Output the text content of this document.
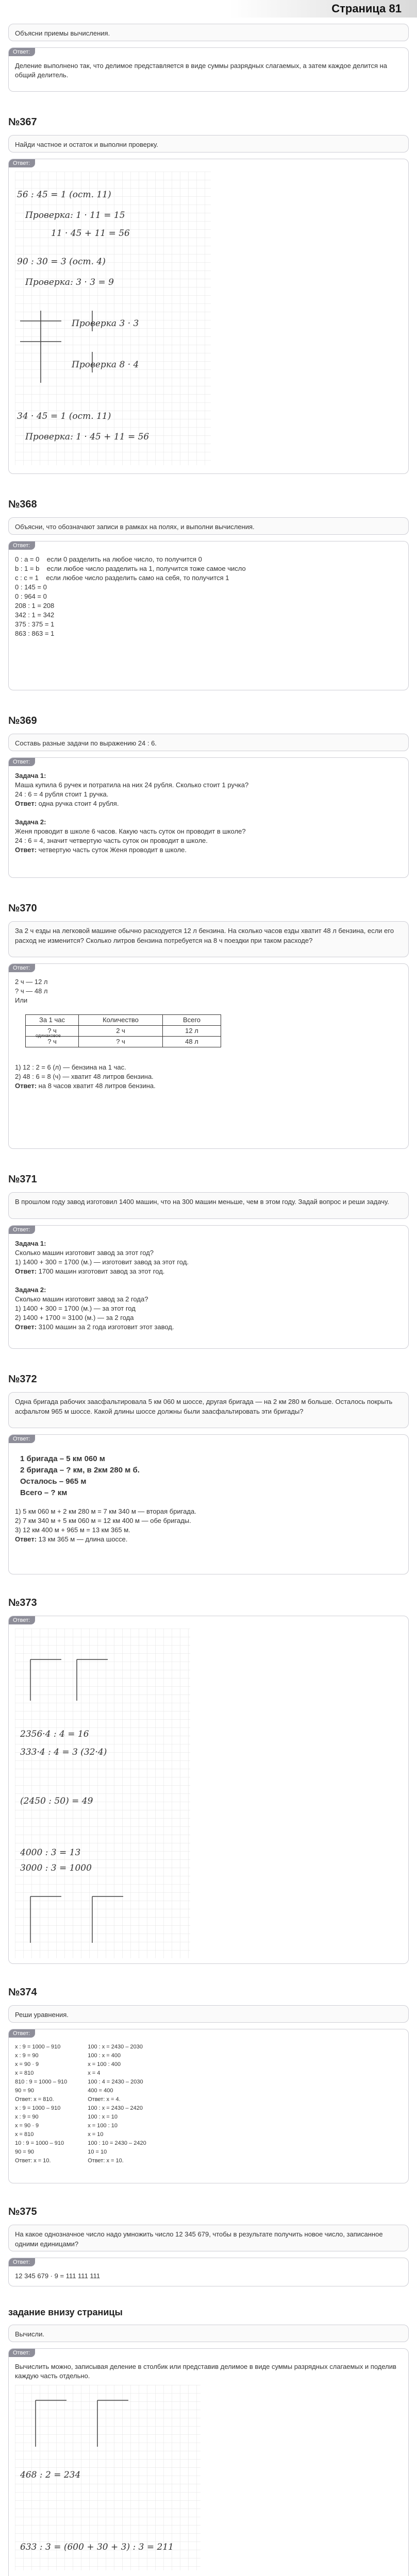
Страница 81
Объясни приемы вычисления.
Ответ:
Деление выполнено так, что делимое представляется в виде суммы разрядных слагаемых, а затем каждое делится на общий делитель.
№367
Найди частное и остаток и выполни проверку.
Ответ:
56 : 45 = 1 (ост. 11)
Проверка: 1 · 11 = 15
11 · 45 + 11 = 56
90 : 30 = 3 (ост. 4)
Проверка: 3 · 3 = 9
Проверка 3 · 3
Проверка 8 · 4
34 · 45 = 1 (ост. 11)
Проверка: 1 · 45 + 11 = 56
№368
Объясни, что обозначают записи в рамках на полях, и выполни вычисления.
Ответ:
0 : a = 0    если 0 разделить на любое число, то получится 0
b : 1 = b    если любое число разделить на 1, получится тоже самое число
c : c = 1    если любое число разделить само на себя, то получится 1
0 : 145 = 0
0 : 964 = 0
208 : 1 = 208
342 : 1 = 342
375 : 375 = 1
863 : 863 = 1
№369
Составь разные задачи по выражению 24 : 6.
Ответ:
Задача 1:
Маша купила 6 ручек и потратила на них 24 рубля. Сколько стоит 1 ручка?
24 : 6 = 4 рубля стоит 1 ручка.
Ответ: одна ручка стоит 4 рубля.

Задача 2:
Женя проводит в школе 6 часов. Какую часть суток он проводит в школе?
24 : 6 = 4, значит четвертую часть суток он проводит в школе.
Ответ: четвертую часть суток Женя проводит в школе.
№370
За 2 ч езды на легковой машине обычно расходуется 12 л бензина. На сколько часов езды хватит 48 л бензина, если его расход не изменится? Сколько литров бензина потребуется на 8 ч поездки при таком расходе?
Ответ:
2 ч — 12 л
? ч — 48 л
Или

За 1 час	Количество	Всего
? ч	2 ч	12 л
? ч	? ч	48 л
одинаковое

1) 12 : 2 = 6 (л) — бензина на 1 час.
2) 48 : 6 = 8 (ч) — хватит 48 литров бензина.
Ответ: на 8 часов хватит 48 литров бензина.
№371
В прошлом году завод изготовил 1400 машин, что на 300 машин меньше, чем в этом году. Задай вопрос и реши задачу.
Ответ:
Задача 1:
Сколько машин изготовит завод за этот год?
1) 1400 + 300 = 1700 (м.) — изготовит завод за этот год.
Ответ: 1700 машин изготовит завод за этот год.

Задача 2:
Сколько машин изготовит завод за 2 года?
1) 1400 + 300 = 1700 (м.) — за этот год
2) 1400 + 1700 = 3100 (м.) — за 2 года
Ответ: 3100 машин за 2 года изготовит этот завод.
№372
Одна бригада рабочих заасфальтировала 5 км 060 м шоссе, другая бригада — на 2 км 280 м больше. Осталось покрыть асфальтом 965 м шоссе. Какой длины шоссе должны были заасфальтировать эти бригады?
Ответ:
1 бригада – 5 км 060 м
2 бригада – ? км, в 2км 280 м б.
Осталось – 965 м
Всего – ? км
1) 5 км 060 м + 2 км 280 м = 7 км 340 м — вторая бригада.
2) 7 км 340 м + 5 км 060 м = 12 км 400 м — обе бригады.
3) 12 км 400 м + 965 м = 13 км 365 м.
Ответ: 13 км 365 м — длина шоссе.
№373
Ответ:
2356·4 : 4 = 16
333·4 : 4 = 3 (32·4)
(2450 : 50) = 49
4000 : 3 = 13
3000 : 3 = 1000
№374
Реши уравнения.
Ответ:
x : 9 = 1000 – 910
x : 9 = 90
x = 90 · 9
x = 810
810 : 9 = 1000 – 910
90 = 90
Ответ: x = 810.
x : 9 = 1000 – 910
x : 9 = 90
x = 90 · 9
x = 810
10 : 9 = 1000 – 910
90 = 90
Ответ: x = 10.
100 : x = 2430 – 2030
100 : x = 400
x = 100 : 400
x = 4
100 : 4 = 2430 – 2030
400 = 400
Ответ: x = 4.
100 : x = 2430 – 2420
100 : x = 10
x = 100 : 10
x = 10
100 : 10 = 2430 – 2420
10 = 10
Ответ: x = 10.
№375
На какое однозначное число надо умножить число 12 345 679, чтобы в результате получить новое число, записанное одними единицами?
Ответ:
12 345 679 · 9 = 111 111 111
задание внизу страницы
Вычисли.
Ответ:
Вычислить можно, записывая деление в столбик или представив делимое в виде суммы разрядных слагаемых и поделив каждую часть отдельно.
468 : 2 = 234
633 : 3 = (600 + 30 + 3) : 3 = 211
